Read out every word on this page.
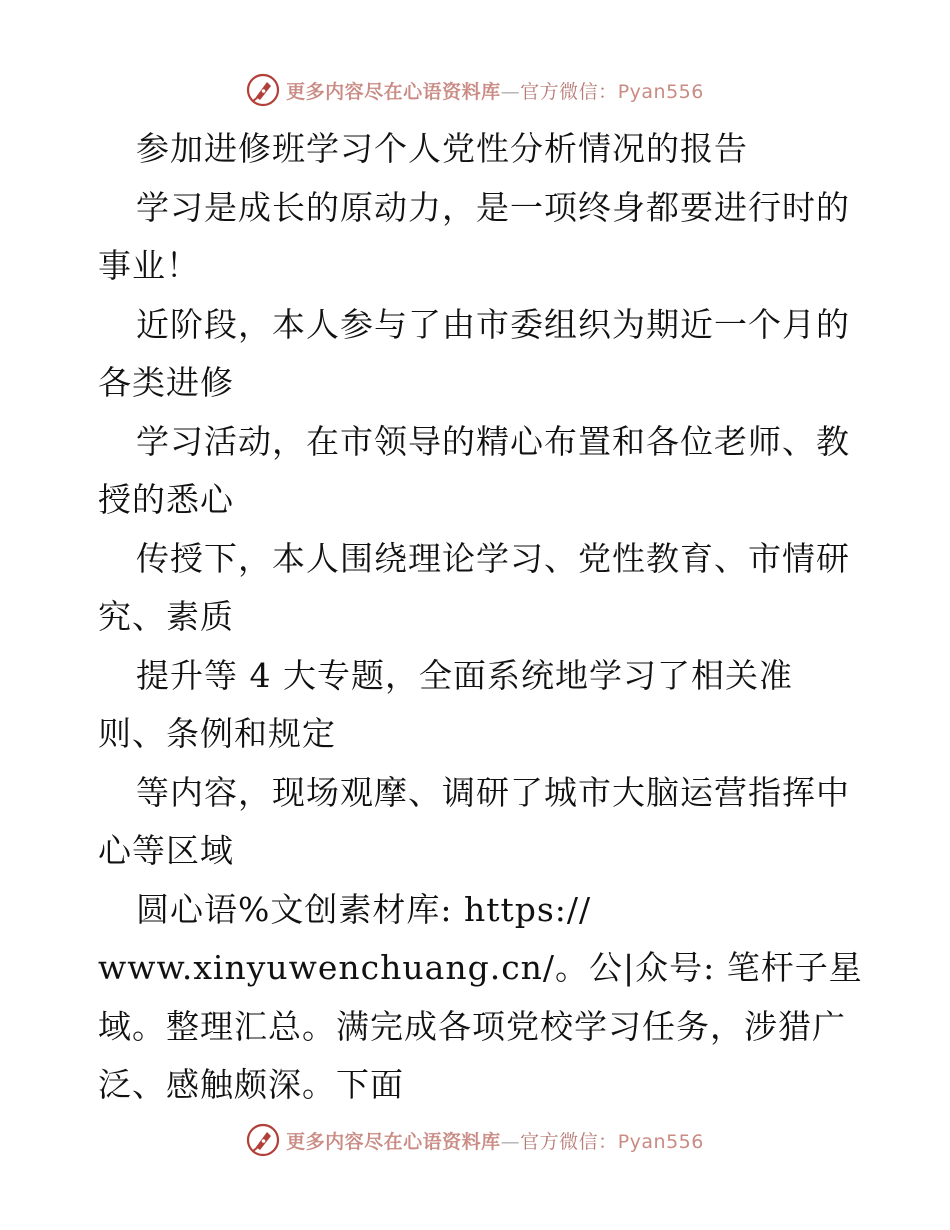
更多内容尽在心语资料库—官方微信：Pyan556
参加进修班学习个人党性分析情况的报告
学习是成长的原动力，是一项终身都要进行时的
事业！
近阶段，本人参与了由市委组织为期近一个月的
各类进修
学习活动，在市领导的精心布置和各位老师、教
授的悉心
传授下，本人围绕理论学习、党性教育、市情研
究、素质
提升等 4 大专题，全面系统地学习了相关准
则、条例和规定
等内容，现场观摩、调研了城市大脑运营指挥中
心等区域
圆心语%文创素材库: https://
www.xinyuwenchuang.cn/。公|众号: 笔杆子星
域。整理汇总。满完成各项党校学习任务，涉猎广
泛、感触颇深。下面
更多内容尽在心语资料库—官方微信：Pyan556
